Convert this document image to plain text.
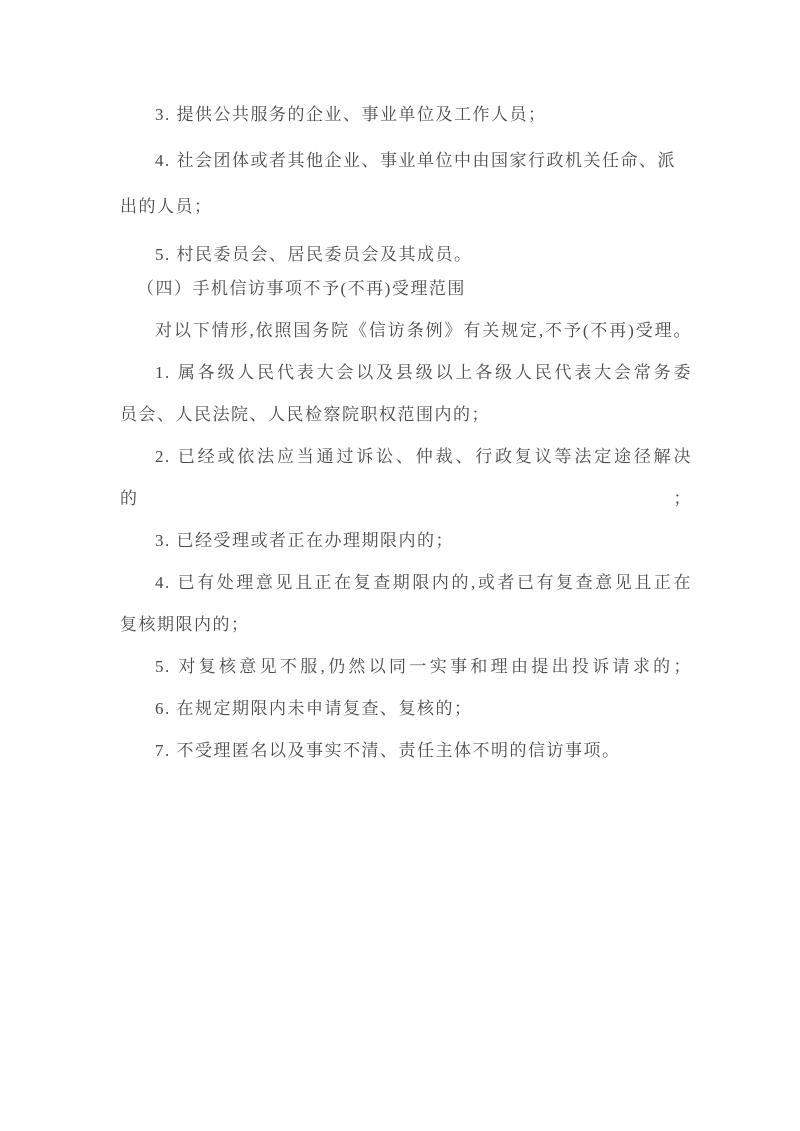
3. 提供公共服务的企业、事业单位及工作人员；
4. 社会团体或者其他企业、事业单位中由国家行政机关任命、派
出的人员；
5. 村民委员会、居民委员会及其成员。
（四）手机信访事项不予(不再)受理范围
对以下情形,依照国务院《信访条例》有关规定,不予(不再)受理。
1. 属各级人民代表大会以及县级以上各级人民代表大会常务委
员会、人民法院、人民检察院职权范围内的；
2. 已经或依法应当通过诉讼、仲裁、行政复议等法定途径解决的；
3. 已经受理或者正在办理期限内的；
4. 已有处理意见且正在复查期限内的,或者已有复查意见且正在
复核期限内的；
5. 对复核意见不服,仍然以同一实事和理由提出投诉请求的；
6. 在规定期限内未申请复查、复核的；
7. 不受理匿名以及事实不清、责任主体不明的信访事项。
